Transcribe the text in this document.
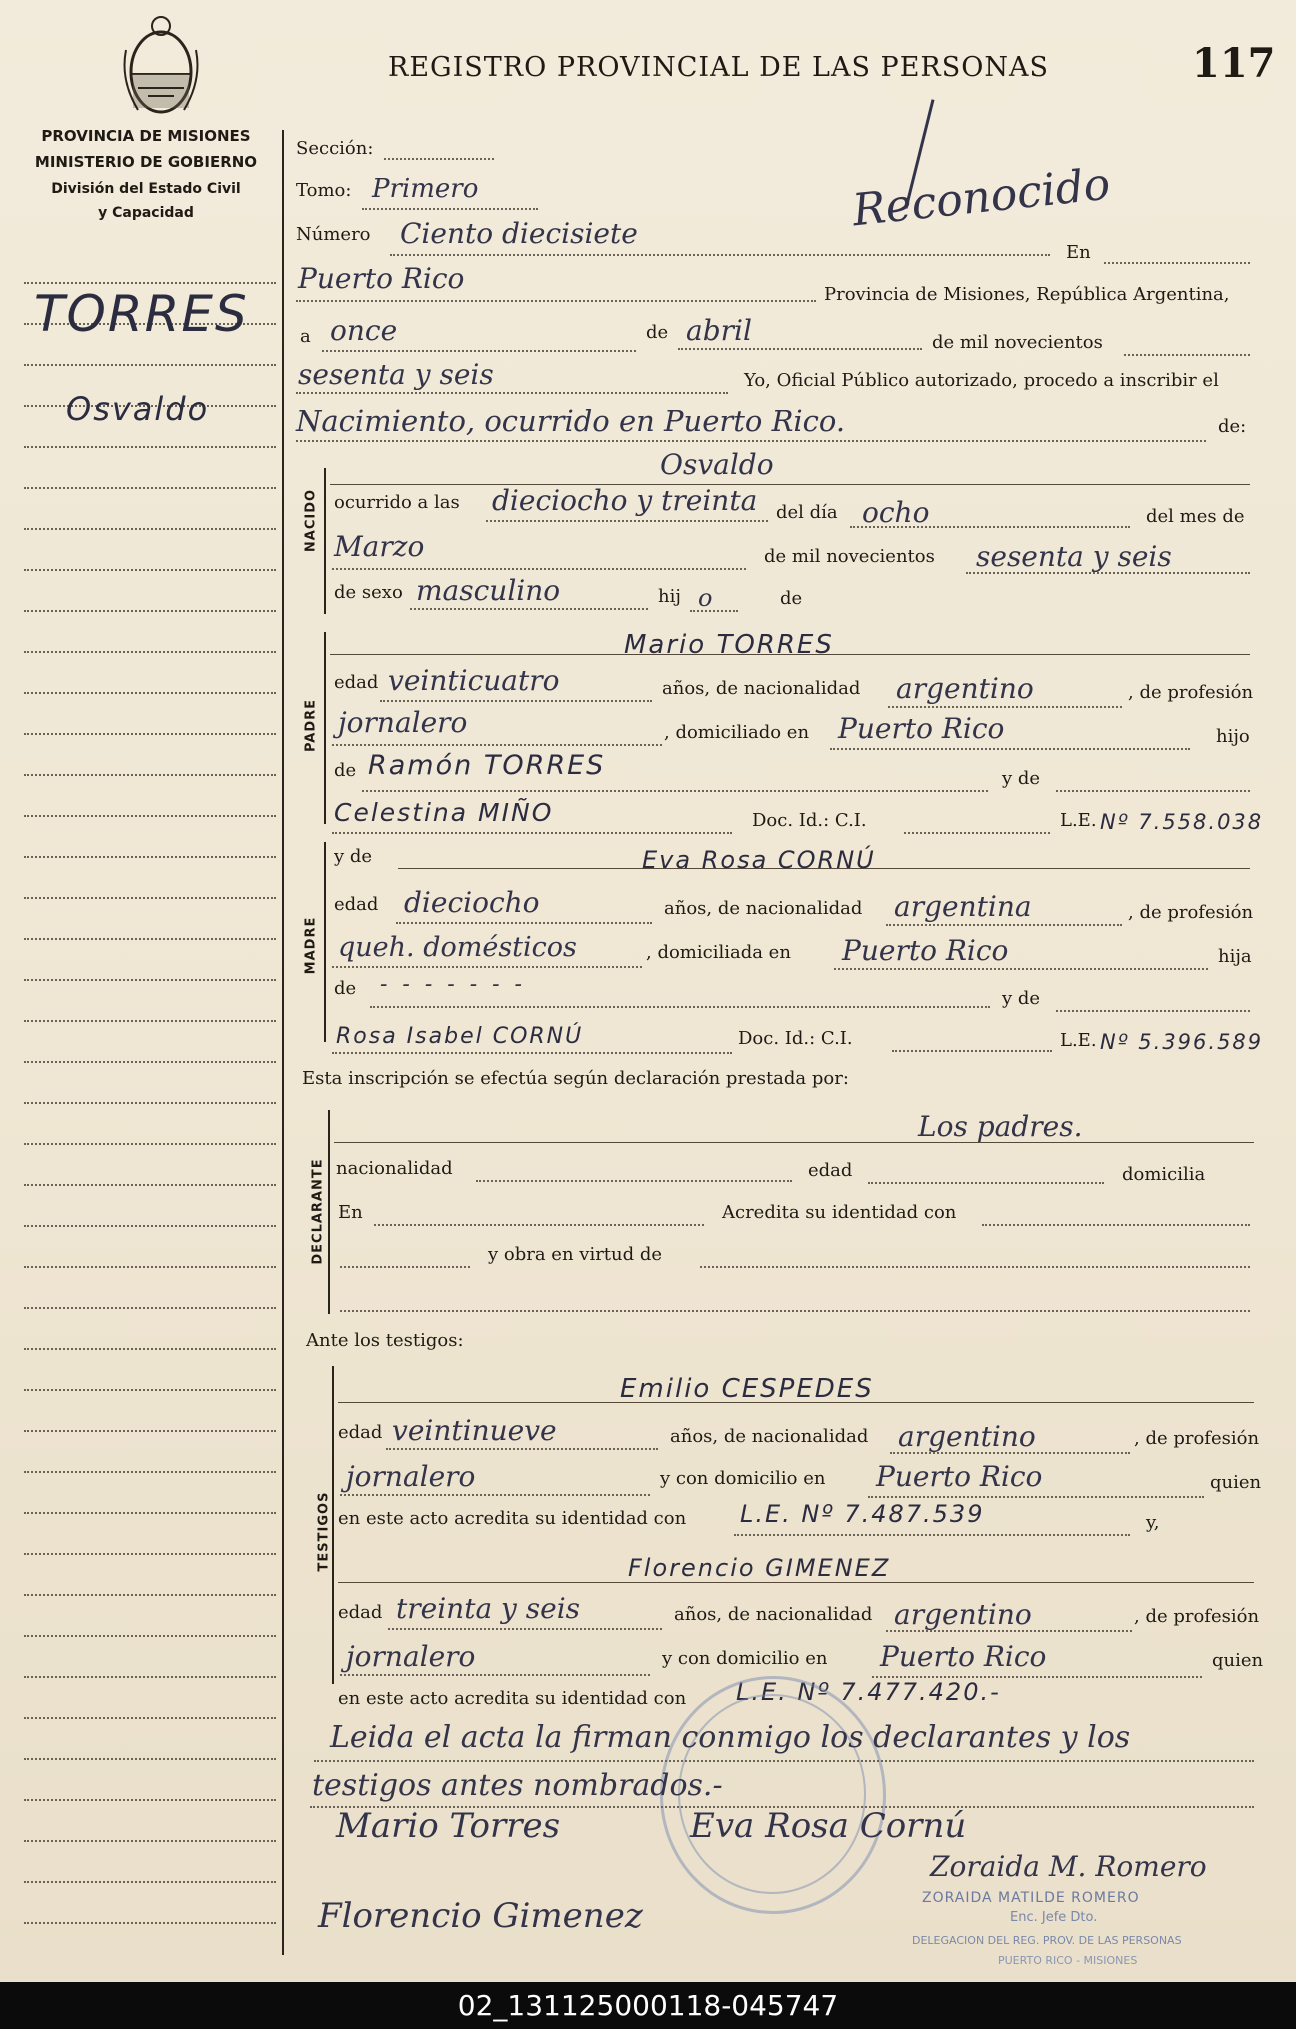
REGISTRO PROVINCIAL DE LAS PERSONAS	117
Reconocido
PROVINCIA DE MISIONES
MINISTERIO DE GOBIERNO
División del Estado Civil
y Capacidad
TORRES
Osvaldo
Sección:
Tomo: Primero
Número Ciento diecisiete
En
Puerto Rico	Provincia de Misiones, República Argentina,
a once	de abril	de mil novecientos
sesenta y seis	Yo, Oficial Público autorizado, procedo a inscribir el
Nacimiento, ocurrido en Puerto Rico.	de:
NACIDO
Osvaldo
ocurrido a las dieciocho y treinta del día ocho	del mes de
Marzo	de mil novecientos sesenta y seis
de sexo masculino	hij o	de
PADRE
Mario TORRES
edad veinticuatro	años, de nacionalidad argentino	, de profesión
jornalero	, domiciliado en Puerto Rico	hijo
de Ramón TORRES	y de
Celestina MIÑO	Doc. Id.: C.I.	L.E. Nº 7.558.038
MADRE
y de	Eva Rosa CORNÚ
edad dieciocho	años, de nacionalidad argentina	, de profesión
queh. domésticos	, domiciliada en Puerto Rico	hija
de - - - - - - -
y de
Rosa Isabel CORNÚ	Doc. Id.: C.I.	L.E. Nº 5.396.589
Esta inscripción se efectúa según declaración prestada por:
DECLARANTE
Los padres.
nacionalidad	edad	domicilia
En	Acredita su identidad con
y obra en virtud de
Ante los testigos:
TESTIGOS
Emilio CESPEDES
edad veintinueve	años, de nacionalidad argentino	, de profesión
jornalero	y con domicilio en Puerto Rico	quien
en este acto acredita su identidad con L.E. Nº 7.487.539	y,
Florencio GIMENEZ
edad treinta y seis	años, de nacionalidad argentino	, de profesión
jornalero	y con domicilio en Puerto Rico	quien
en este acto acredita su identidad con L.E. Nº 7.477.420.-
Leida el acta la firman conmigo los declarantes y los
testigos antes nombrados.-
Mario Torres	Eva Rosa Cornú
Zoraida M. Romero
Florencio Gimenez	ZORAIDA MATILDE ROMERO
Enc. Jefe Dto.
DELEGACION DEL REG. PROV. DE LAS PERSONAS
PUERTO RICO - MISIONES
02_131125000118-045747
